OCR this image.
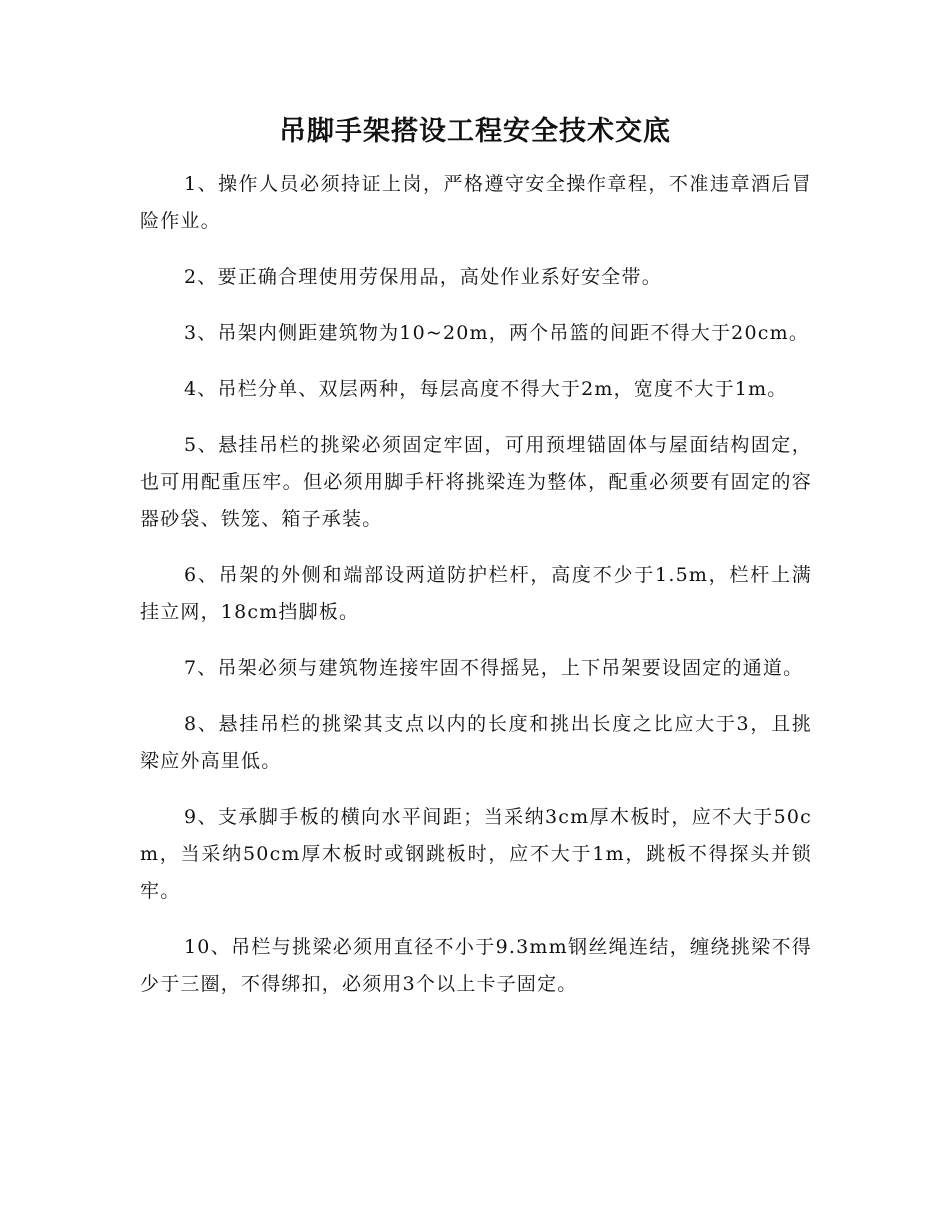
吊脚手架搭设工程安全技术交底

1、操作人员必须持证上岗，严格遵守安全操作章程，不准违章酒后冒险作业。

2、要正确合理使用劳保用品，高处作业系好安全带。

3、吊架内侧距建筑物为10~20m，两个吊篮的间距不得大于20cm。

4、吊栏分单、双层两种，每层高度不得大于2m，宽度不大于1m。

5、悬挂吊栏的挑梁必须固定牢固，可用预埋锚固体与屋面结构固定，也可用配重压牢。但必须用脚手杆将挑梁连为整体，配重必须要有固定的容器砂袋、铁笼、箱子承装。

6、吊架的外侧和端部设两道防护栏杆，高度不少于1.5m，栏杆上满挂立网，18cm挡脚板。

7、吊架必须与建筑物连接牢固不得摇晃，上下吊架要设固定的通道。

8、悬挂吊栏的挑梁其支点以内的长度和挑出长度之比应大于3，且挑梁应外高里低。

9、支承脚手板的横向水平间距；当采纳3cm厚木板时，应不大于50cm，当采纳50cm厚木板时或钢跳板时，应不大于1m，跳板不得探头并锁牢。

10、吊栏与挑梁必须用直径不小于9.3mm钢丝绳连结，缠绕挑梁不得少于三圈，不得绑扣，必须用3个以上卡子固定。
